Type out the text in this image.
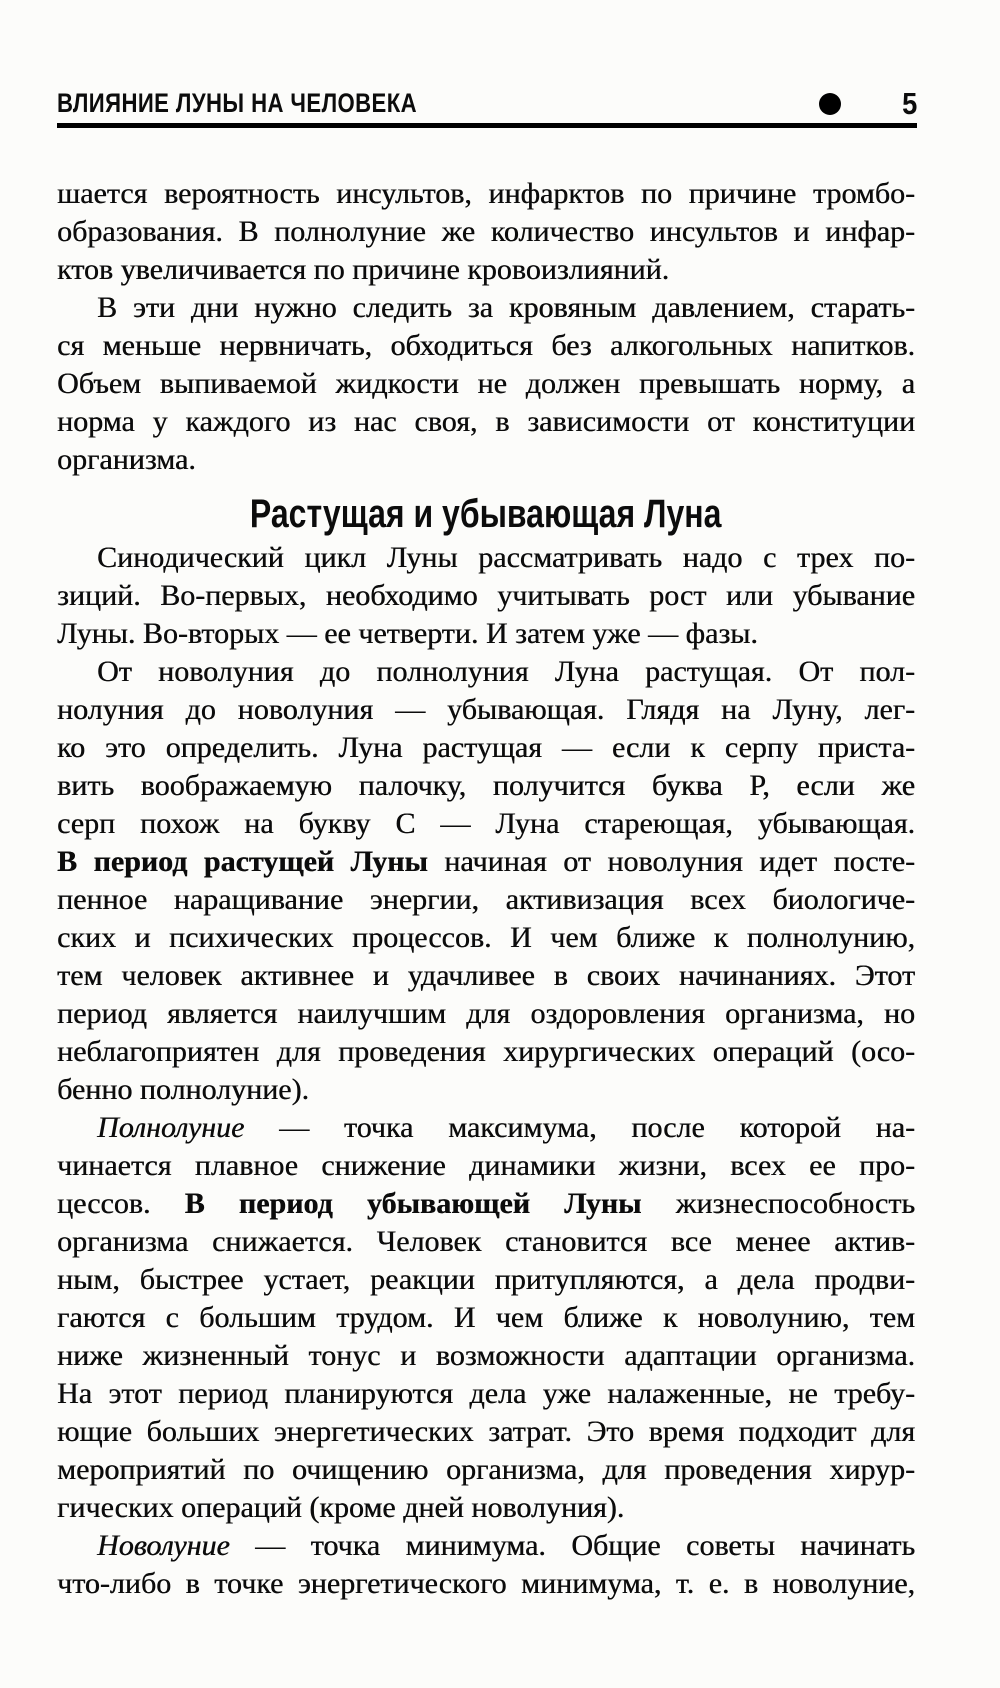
ВЛИЯНИЕ ЛУНЫ НА ЧЕЛОВЕКА	5
шается вероятность инсультов, инфарктов по причине тромбо-
образования. В полнолуние же количество инсультов и инфар-
ктов увеличивается по причине кровоизлияний.
В эти дни нужно следить за кровяным давлением, старать-
ся меньше нервничать, обходиться без алкогольных напитков.
Объем выпиваемой жидкости не должен превышать норму, а
норма у каждого из нас своя, в зависимости от конституции
организма.
Растущая и убывающая Луна
Синодический цикл Луны рассматривать надо с трех по-
зиций. Во-первых, необходимо учитывать рост или убывание
Луны. Во-вторых — ее четверти. И затем уже — фазы.
От новолуния до полнолуния Луна растущая. От пол-
нолуния до новолуния — убывающая. Глядя на Луну, лег-
ко это определить. Луна растущая — если к серпу приста-
вить воображаемую палочку, получится буква Р, если же
серп похож на букву С — Луна стареющая, убывающая.
В период растущей Луны начиная от новолуния идет посте-
пенное наращивание энергии, активизация всех биологиче-
ских и психических процессов. И чем ближе к полнолунию,
тем человек активнее и удачливее в своих начинаниях. Этот
период является наилучшим для оздоровления организма, но
неблагоприятен для проведения хирургических операций (осо-
бенно полнолуние).
Полнолуние — точка максимума, после которой на-
чинается плавное снижение динамики жизни, всех ее про-
цессов. В период убывающей Луны жизнеспособность
организма снижается. Человек становится все менее актив-
ным, быстрее устает, реакции притупляются, а дела продви-
гаются с большим трудом. И чем ближе к новолунию, тем
ниже жизненный тонус и возможности адаптации организма.
На этот период планируются дела уже налаженные, не требу-
ющие больших энергетических затрат. Это время подходит для
мероприятий по очищению организма, для проведения хирур-
гических операций (кроме дней новолуния).
Новолуние — точка минимума. Общие советы начинать
что-либо в точке энергетического минимума, т. е. в новолуние,
